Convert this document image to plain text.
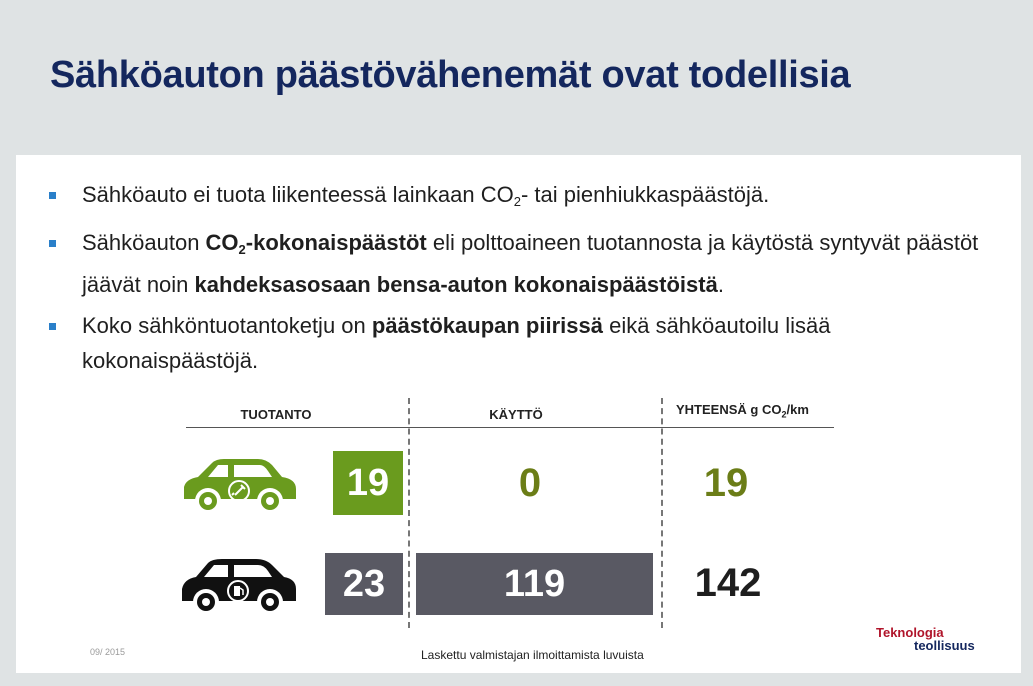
Sähköauton päästövähenemät ovat todellisia
Sähköauto ei tuota liikenteessä lainkaan $CO_2-$ tai pienhiukkaspäästöjä.
Sähköauton $CO_2$-kokonaispäästöt eli polttoaineen tuotannosta ja käytöstä syntyvät päästöt jäävät noin kahdeksasosaan bensa-auton kokonaispäästöistä.
Koko sähköntuotantoketju on päästökaupan piirissä eikä sähköautoilu lisää kokonaispäästöjä.
TUOTANTO	KÄYTTÖ	YHTEENSÄ g $CO_2/km$
19	0	19
23	119	142
09/ 2015	Laskettu valmistajan ilmoittamista luvuista
Teknologia
teollisuus
